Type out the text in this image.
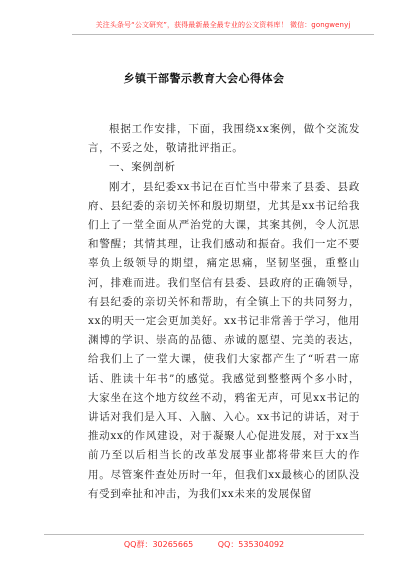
关注头条号“公文研究”，获得最新最全最专业的公文资料库！ 微信：gongwenyj
乡镇干部警示教育大会心得体会
根据工作安排，下面，我围绕xx案例，做个交流发言，不妥之处，敬请批评指正。
一、案例剖析
刚才，县纪委xx书记在百忙当中带来了县委、县政府、县纪委的亲切关怀和殷切期望，尤其是xx书记给我们上了一堂全面从严治党的大课，其案其例，令人沉思和警醒；其情其理，让我们感动和振奋。我们一定不要辜负上级领导的期望，痛定思痛，坚韧坚强，重整山河，排难而进。我们坚信有县委、县政府的正确领导，有县纪委的亲切关怀和帮助，有全镇上下的共同努力，xx的明天一定会更加美好。xx书记非常善于学习，他用渊博的学识、崇高的品德、赤诚的愿望、完美的表达，给我们上了一堂大课，使我们大家都产生了“听君一席话、胜读十年书”的感觉。我感觉到整整两个多小时，大家坐在这个地方纹丝不动，鸦雀无声，可见xx书记的讲话对我们是入耳、入脑、入心。xx书记的讲话，对于推动xx的作风建设，对于凝聚人心促进发展，对于xx当前乃至以后相当长的改革发展事业都将带来巨大的作用。尽管案件查处历时一年，但我们xx最核心的团队没有受到牵扯和冲击，为我们xx未来的发展保留
QQ群：30265665	QQ：535304092
